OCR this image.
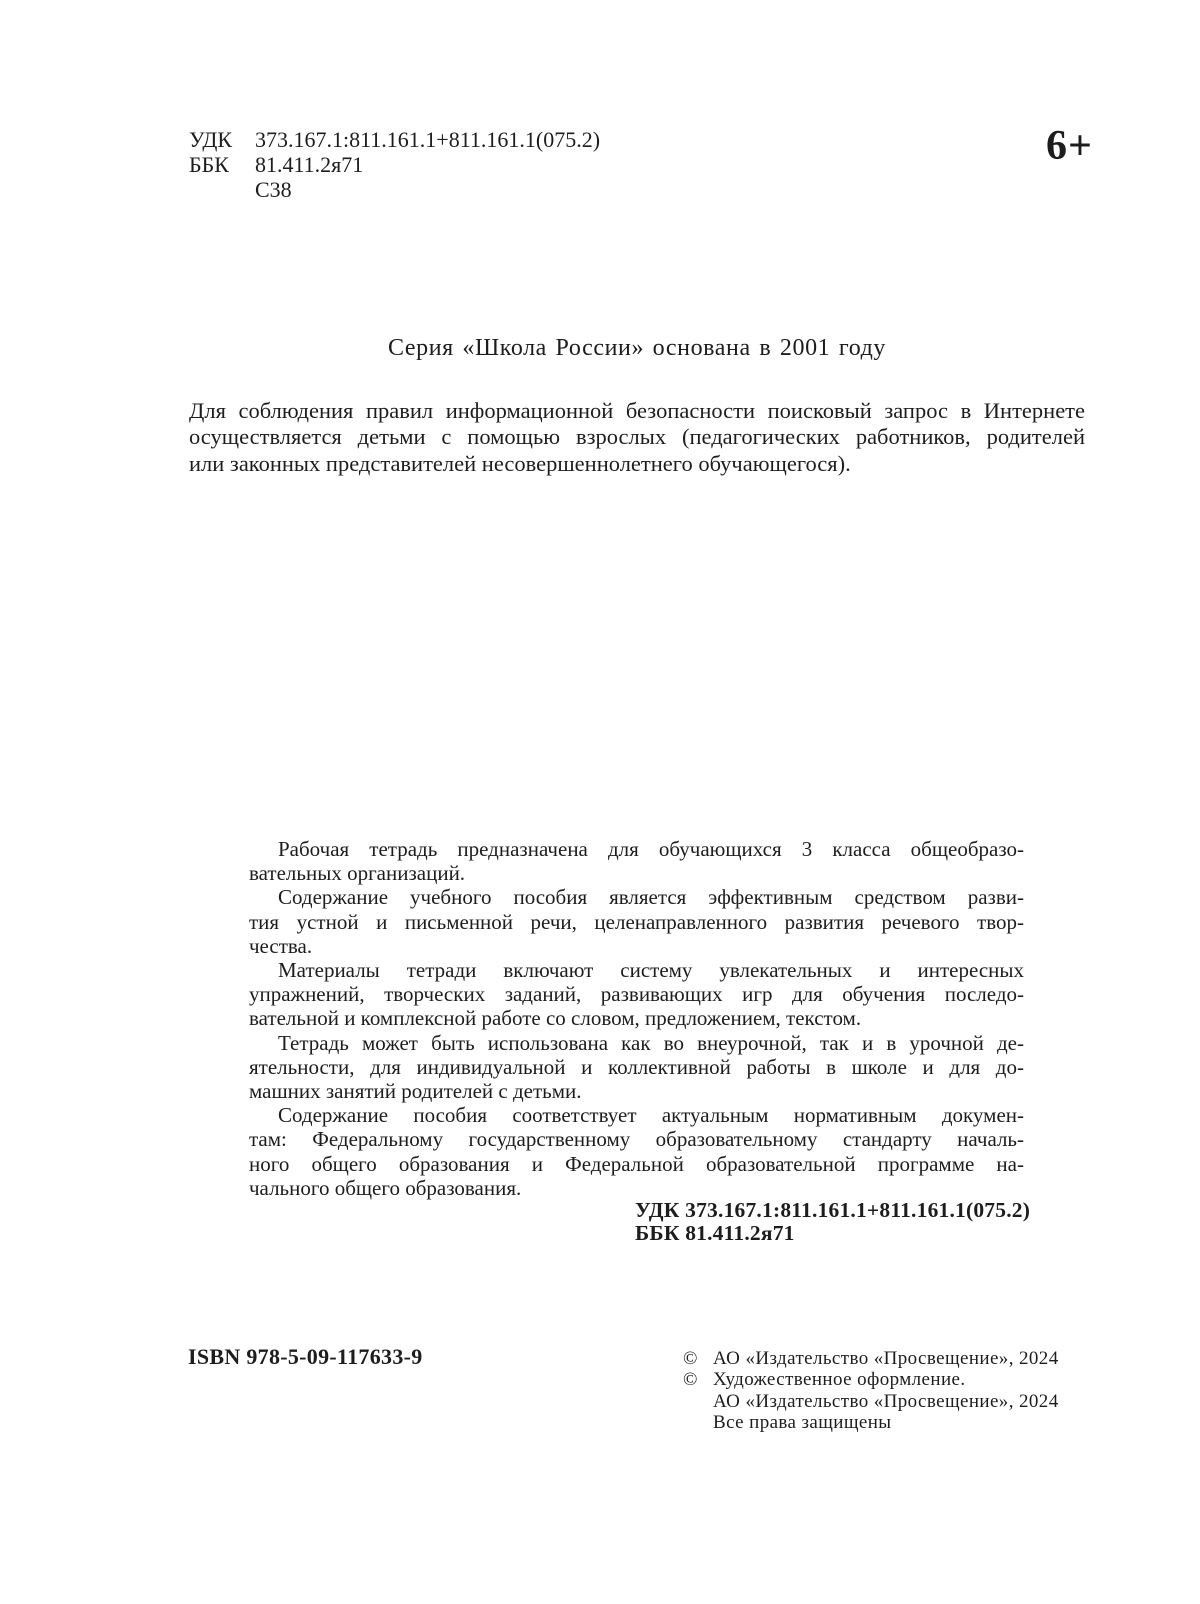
УДК	373.167.1:811.161.1+811.161.1(075.2)
ББК	81.411.2я71
С38
6+
Серия «Школа России» основана в 2001 году
Для соблюдения правил информационной безопасности поисковый запрос в Интернете
осуществляется детьми с помощью взрослых (педагогических работников, родителей
или законных представителей несовершеннолетнего обучающегося).
Рабочая тетрадь предназначена для обучающихся 3 класса общеобразо-
вательных организаций.
Содержание учебного пособия является эффективным средством разви-
тия устной и письменной речи, целенаправленного развития речевого твор-
чества.
Материалы тетради включают систему увлекательных и интересных
упражнений, творческих заданий, развивающих игр для обучения последо-
вательной и комплексной работе со словом, предложением, текстом.
Тетрадь может быть использована как во внеурочной, так и в урочной де-
ятельности, для индивидуальной и коллективной работы в школе и для до-
машних занятий родителей с детьми.
Содержание пособия соответствует актуальным нормативным докумен-
там: Федеральному государственному образовательному стандарту началь-
ного общего образования и Федеральной образовательной программе на-
чального общего образования.
УДК 373.167.1:811.161.1+811.161.1(075.2)
ББК 81.411.2я71
ISBN 978-5-09-117633-9	© АО «Издательство «Просвещение», 2024
© Художественное оформление.
АО «Издательство «Просвещение», 2024
Все права защищены
